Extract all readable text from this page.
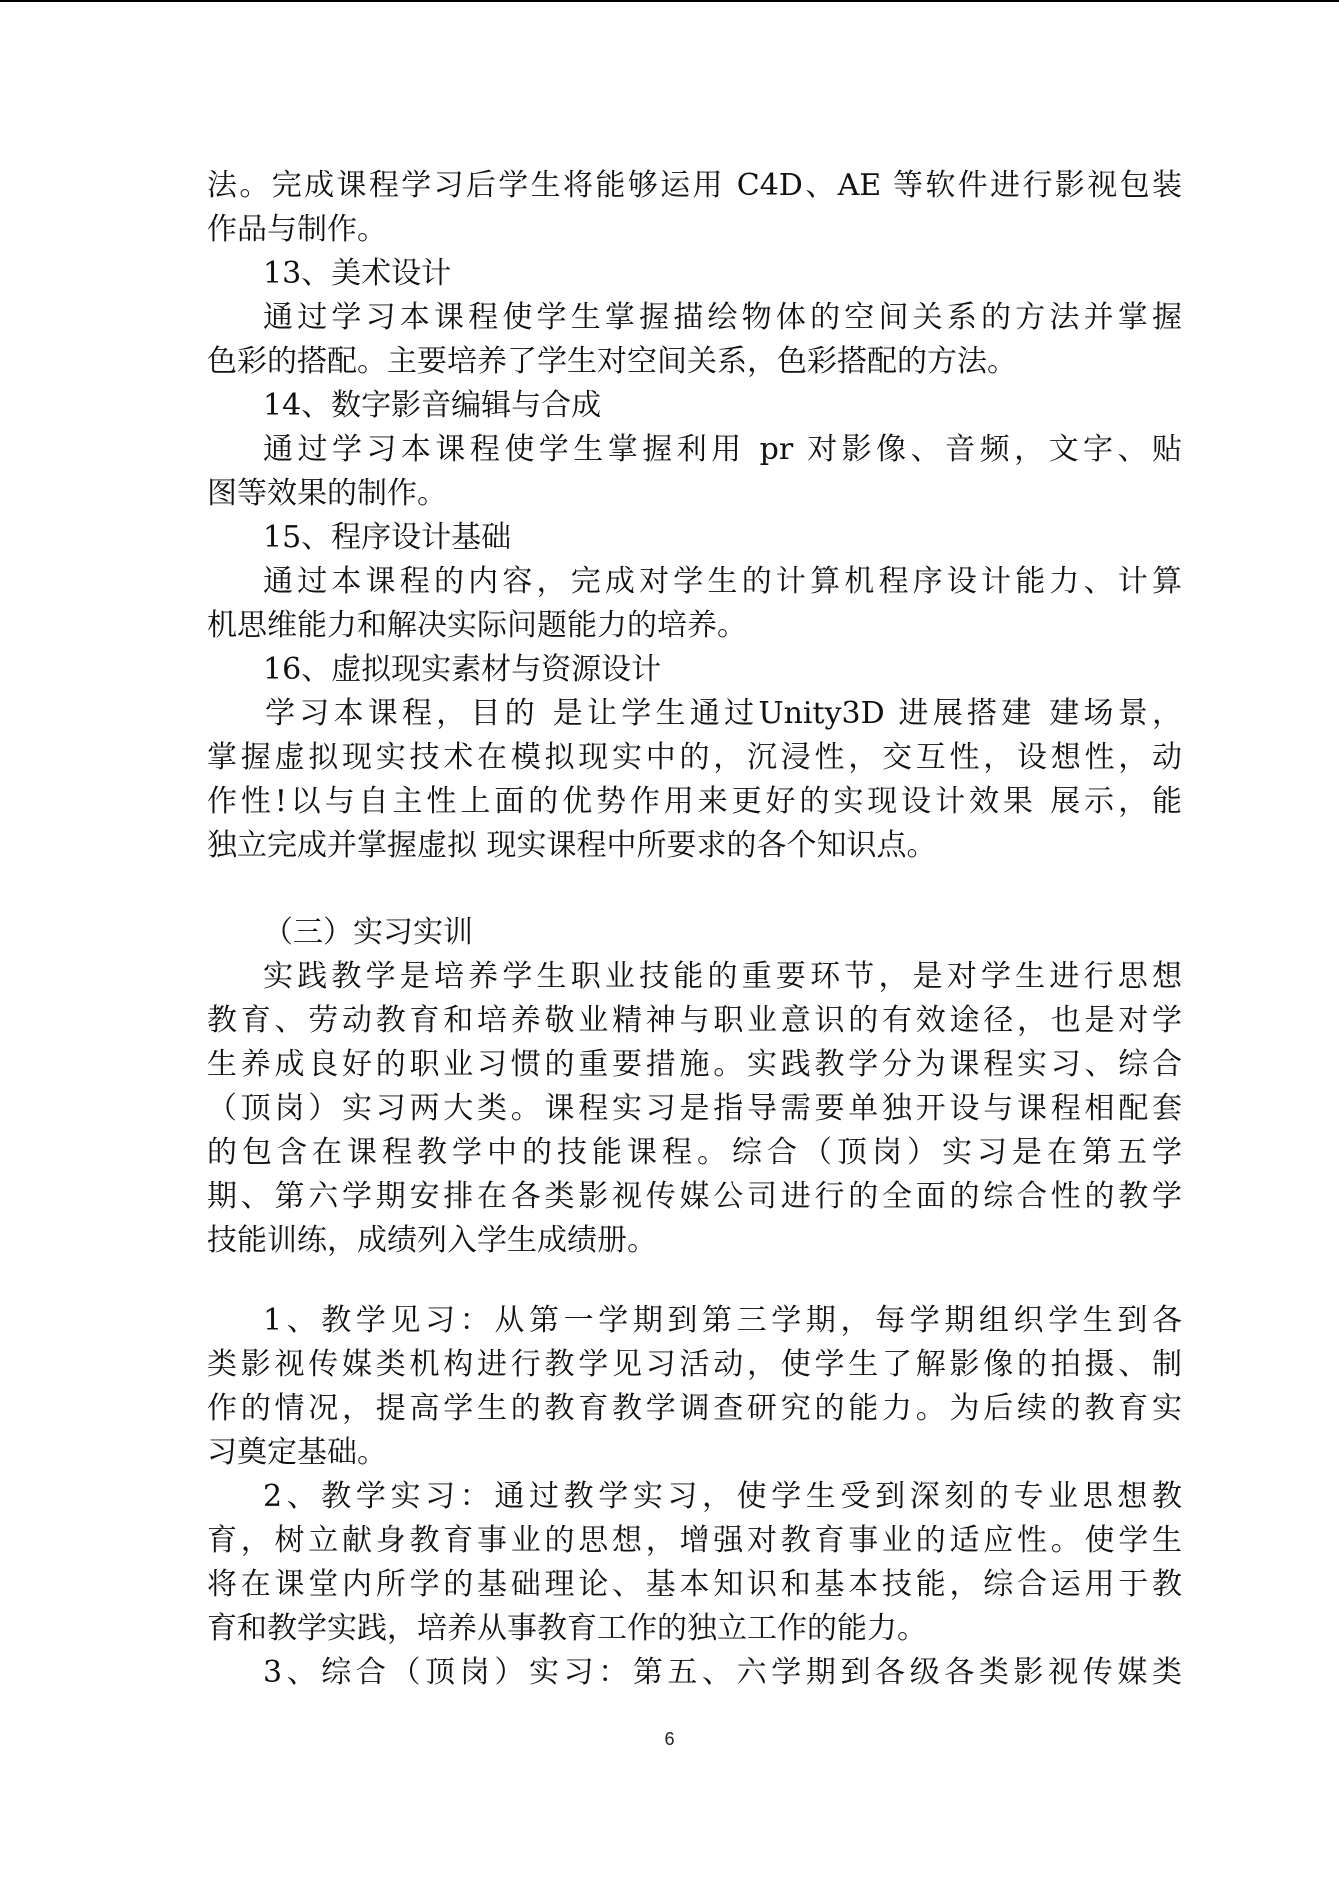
法。完成课程学习后学生将能够运用 C4D、AE 等软件进行影视包装
作品与制作。
13、美术设计
通过学习本课程使学生掌握描绘物体的空间关系的方法并掌握
色彩的搭配。主要培养了学生对空间关系，色彩搭配的方法。
14、数字影音编辑与合成
通过学习本课程使学生掌握利用 pr 对影像、音频，文字、贴
图等效果的制作。
15、程序设计基础
通过本课程的内容，完成对学生的计算机程序设计能力、计算
机思维能力和解决实际问题能力的培养。
16、虚拟现实素材与资源设计
学习本课程，目的 是让学生通过Unity3D 进展搭建 建场景，
掌握虚拟现实技术在模拟现实中的，沉浸性，交互性，设想性，动
作性!以与自主性上面的优势作用来更好的实现设计效果 展示，能
独立完成并掌握虚拟 现实课程中所要求的各个知识点。
（三）实习实训
实践教学是培养学生职业技能的重要环节，是对学生进行思想
教育、劳动教育和培养敬业精神与职业意识的有效途径，也是对学
生养成良好的职业习惯的重要措施。实践教学分为课程实习、综合
（顶岗）实习两大类。课程实习是指导需要单独开设与课程相配套
的包含在课程教学中的技能课程。综合（顶岗）实习是在第五学
期、第六学期安排在各类影视传媒公司进行的全面的综合性的教学
技能训练，成绩列入学生成绩册。
1、教学见习：从第一学期到第三学期，每学期组织学生到各
类影视传媒类机构进行教学见习活动，使学生了解影像的拍摄、制
作的情况，提高学生的教育教学调查研究的能力。为后续的教育实
习奠定基础。
2、教学实习：通过教学实习，使学生受到深刻的专业思想教
育，树立献身教育事业的思想，增强对教育事业的适应性。使学生
将在课堂内所学的基础理论、基本知识和基本技能，综合运用于教
育和教学实践，培养从事教育工作的独立工作的能力。
3、综合（顶岗）实习：第五、六学期到各级各类影视传媒类
6
